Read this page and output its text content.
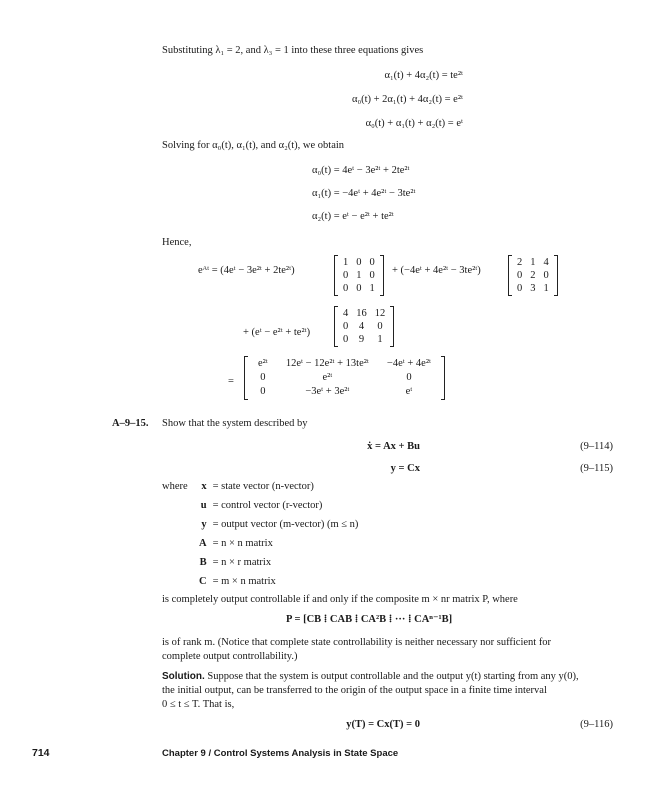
Substituting λ₁ = 2, and λ₃ = 1 into these three equations gives
α₁(t) + 4α₂(t) = te²ᵗ
α₀(t) + 2α₁(t) + 4α₂(t) = e²ᵗ
α₀(t) + α₁(t) + α₂(t) = eᵗ
Solving for α₀(t), α₁(t), and α₂(t), we obtain
α₀(t) = 4eᵗ − 3e²ᵗ + 2te²ᵗ
α₁(t) = −4eᵗ + 4e²ᵗ − 3te²ᵗ
α₂(t) = eᵗ − e²ᵗ + te²ᵗ
Hence,
eᴬᵗ = (4eᵗ − 3e²ᵗ + 2te²ᵗ)
1	0	0
0	1	0
0	0	1
+ (−4eᵗ + 4e²ᵗ − 3te²ᵗ)
2	1	4
0	2	0
0	3	1
+ (eᵗ − e²ᵗ + te²ᵗ)
4	16	12
0	4	0
0	9	1
=
e²ᵗ	12eᵗ − 12e²ᵗ + 13te²ᵗ	−4eᵗ + 4e²ᵗ
0	e²ᵗ	0
0	−3eᵗ + 3e²ᵗ	eᵗ
A–9–15. Show that the system described by
ẋ = Ax + Bu	(9–114)
y = Cx	(9–115)
where x	= state vector (n-vector)
u	= control vector (r-vector)
y	= output vector (m-vector) (m ≤ n)
A	= n × n matrix
B	= n × r matrix
C	= m × n matrix
is completely output controllable if and only if the composite m × nr matrix P, where
P = [CB ⁞ CAB ⁞ CA²B ⁞ ··· ⁞ CAⁿ⁻¹B]
is of rank m. (Notice that complete state controllability is neither necessary nor sufficient for
complete output controllability.)
Solution. Suppose that the system is output controllable and the output y(t) starting from any y(0),
the initial output, can be transferred to the origin of the output space in a finite time interval
0 ≤ t ≤ T. That is,
y(T) = Cx(T) = 0	(9–116)
714	Chapter 9 / Control Systems Analysis in State Space
